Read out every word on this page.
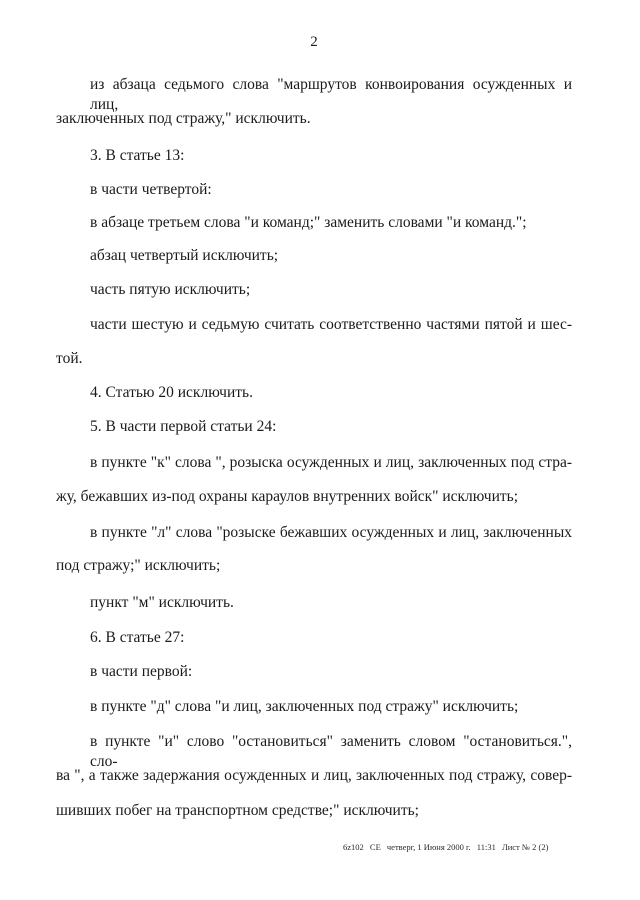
2

из абзаца седьмого слова "маршрутов конвоирования осужденных и лиц,

заключенных под стражу," исключить.

3. В статье 13:

в части четвертой:

в абзаце третьем слова "и команд;" заменить словами "и команд.";

абзац четвертый исключить;

часть пятую исключить;

части шестую и седьмую считать соответственно частями пятой и шес-

той.

4. Статью 20 исключить.

5. В части первой статьи 24:

в пункте "к" слова ", розыска осужденных и лиц, заключенных под стра-

жу, бежавших из-под охраны караулов внутренних войск" исключить;

в пункте "л" слова "розыске бежавших осужденных и лиц, заключенных

под стражу;" исключить;

пункт "м" исключить.

6. В статье 27:

в части первой:

в пункте "д" слова "и лиц, заключенных под стражу" исключить;

в пункте "и" слово "остановиться" заменить словом "остановиться.", сло-

ва ", а также задержания осужденных и лиц, заключенных под стражу, совер-

шивших побег на транспортном средстве;" исключить;

6z102 CE четверг, 1 Июня 2000 г. 11:31 Лист № 2 (2)
